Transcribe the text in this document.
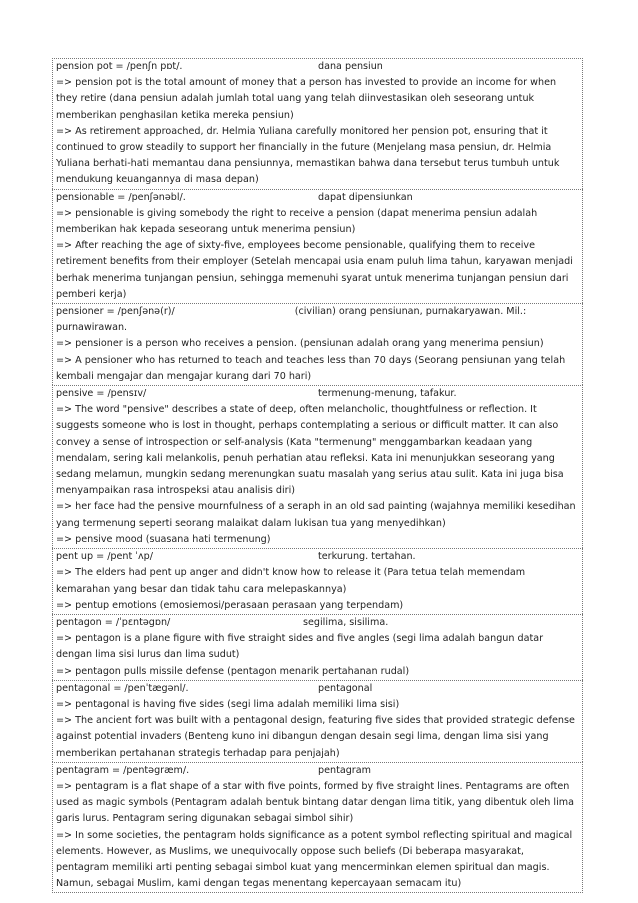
pension pot = /penʃn pɒt/.	dana pensiun
=> pension pot is the total amount of money that a person has invested to provide an income for when they retire (dana pensiun adalah jumlah total uang yang telah diinvestasikan oleh seseorang untuk memberikan penghasilan ketika mereka pensiun)
=> As retirement approached, dr. Helmia Yuliana carefully monitored her pension pot, ensuring that it continued to grow steadily to support her financially in the future (Menjelang masa pensiun, dr. Helmia Yuliana berhati-hati memantau dana pensiunnya, memastikan bahwa dana tersebut terus tumbuh untuk mendukung keuangannya di masa depan)
pensionable = /penʃənəbl/.	dapat dipensiunkan
=> pensionable is giving somebody the right to receive a pension (dapat menerima pensiun adalah memberikan hak kepada seseorang untuk menerima pensiun)
=> After reaching the age of sixty-five, employees become pensionable, qualifying them to receive retirement benefits from their employer (Setelah mencapai usia enam puluh lima tahun, karyawan menjadi berhak menerima tunjangan pensiun, sehingga memenuhi syarat untuk menerima tunjangan pensiun dari pemberi kerja)
pensioner = /penʃənə(r)/	(civilian) orang pensiunan, purnakaryawan. Mil.: purnawirawan.
=> pensioner is a person who receives a pension. (pensiunan adalah orang yang menerima pensiun)
=> A pensioner who has returned to teach and teaches less than 70 days (Seorang pensiunan yang telah kembali mengajar dan mengajar kurang dari 70 hari)
pensive = /pensɪv/	termenung-menung, tafakur.
=> The word "pensive" describes a state of deep, often melancholic, thoughtfulness or reflection. It suggests someone who is lost in thought, perhaps contemplating a serious or difficult matter. It can also convey a sense of introspection or self-analysis (Kata "termenung" menggambarkan keadaan yang mendalam, sering kali melankolis, penuh perhatian atau refleksi. Kata ini menunjukkan seseorang yang sedang melamun, mungkin sedang merenungkan suatu masalah yang serius atau sulit. Kata ini juga bisa menyampaikan rasa introspeksi atau analisis diri)
=> her face had the pensive mournfulness of a seraph in an old sad painting (wajahnya memiliki kesedihan yang termenung seperti seorang malaikat dalam lukisan tua yang menyedihkan)
=> pensive mood (suasana hati termenung)
pent up = /pent ˈʌp/	terkurung. tertahan.
=> The elders had pent up anger and didn't know how to release it (Para tetua telah memendam kemarahan yang besar dan tidak tahu cara melepaskannya)
=> pentup emotions (emosiemosi/perasaan perasaan yang terpendam)
pentagon = /ˈpɛntəgɒn/	segilima, sisilima.
=> pentagon is a plane figure with five straight sides and five angles (segi lima adalah bangun datar dengan lima sisi lurus dan lima sudut)
=> pentagon pulls missile defense (pentagon menarik pertahanan rudal)
pentagonal = /penˈtægənl/.	pentagonal
=> pentagonal is having five sides (segi lima adalah memiliki lima sisi)
=> The ancient fort was built with a pentagonal design, featuring five sides that provided strategic defense against potential invaders (Benteng kuno ini dibangun dengan desain segi lima, dengan lima sisi yang memberikan pertahanan strategis terhadap para penjajah)
pentagram = /pentəgræm/.	pentagram
=> pentagram is a flat shape of a star with five points, formed by five straight lines. Pentagrams are often used as magic symbols (Pentagram adalah bentuk bintang datar dengan lima titik, yang dibentuk oleh lima garis lurus. Pentagram sering digunakan sebagai simbol sihir)
=> In some societies, the pentagram holds significance as a potent symbol reflecting spiritual and magical elements. However, as Muslims, we unequivocally oppose such beliefs (Di beberapa masyarakat, pentagram memiliki arti penting sebagai simbol kuat yang mencerminkan elemen spiritual dan magis. Namun, sebagai Muslim, kami dengan tegas menentang kepercayaan semacam itu)
